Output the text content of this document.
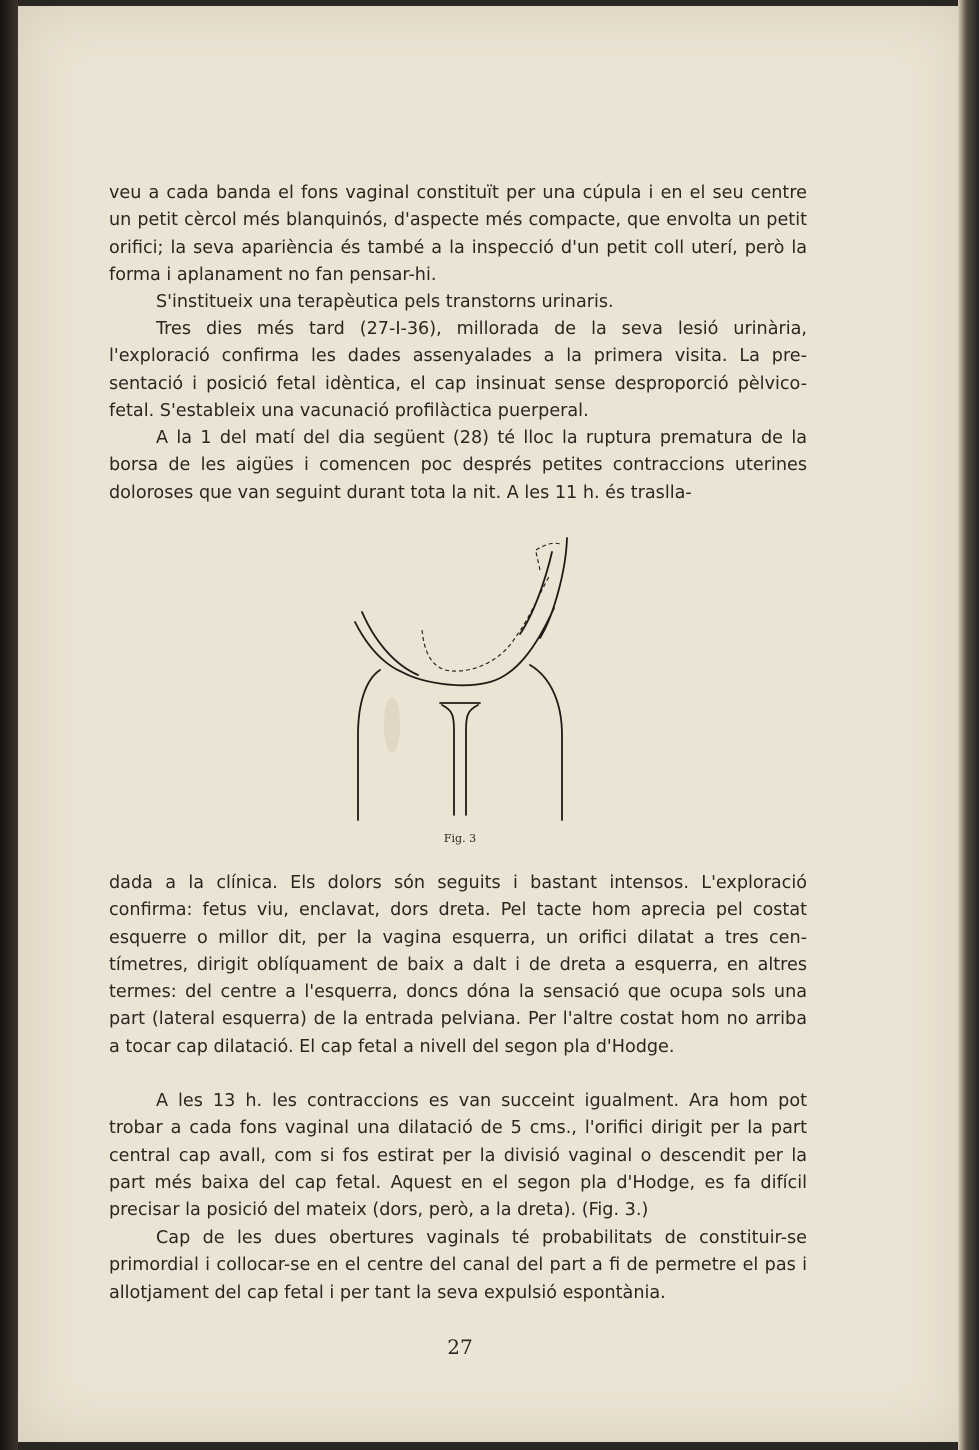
veu a cada banda el fons vaginal constituït per una cúpula i en el seu centre un petit cèrcol més blanquinós, d'aspecte més compacte, que envolta un petit orifici; la seva apariència és també a la inspecció d'un petit coll uterí, però la forma i aplanament no fan pensar-hi.

S'institueix una terapèutica pels transtorns urinaris.

Tres dies més tard (27-I-36), millorada de la seva lesió urinària, l'exploració confirma les dades assenyalades a la primera visita. La presentació i posició fetal idèntica, el cap insinuat sense desproporció pèlvico-fetal. S'estableix una vacunació profilàctica puerperal.

A la 1 del matí del dia següent (28) té lloc la ruptura prematura de la borsa de les aigües i comencen poc després petites contraccions uterines doloroses que van seguint durant tota la nit. A les 11 h. és traslla-

Fig. 3

dada a la clínica. Els dolors són seguits i bastant intensos. L'exploració confirma: fetus viu, enclavat, dors dreta. Pel tacte hom aprecia pel costat esquerre o millor dit, per la vagina esquerra, un orifici dilatat a tres centímetres, dirigit oblíquament de baix a dalt i de dreta a esquerra, en altres termes: del centre a l'esquerra, doncs dóna la sensació que ocupa sols una part (lateral esquerra) de la entrada pelviana. Per l'altre costat hom no arriba a tocar cap dilatació. El cap fetal a nivell del segon pla d'Hodge.

A les 13 h. les contraccions es van succeint igualment. Ara hom pot trobar a cada fons vaginal una dilatació de 5 cms., l'orifici dirigit per la part central cap avall, com si fos estirat per la divisió vaginal o descendit per la part més baixa del cap fetal. Aquest en el segon pla d'Hodge, es fa difícil precisar la posició del mateix (dors, però, a la dreta). (Fig. 3.)

Cap de les dues obertures vaginals té probabilitats de constituir-se primordial i collocar-se en el centre del canal del part a fi de permetre el pas i allotjament del cap fetal i per tant la seva expulsió espontània.

27
